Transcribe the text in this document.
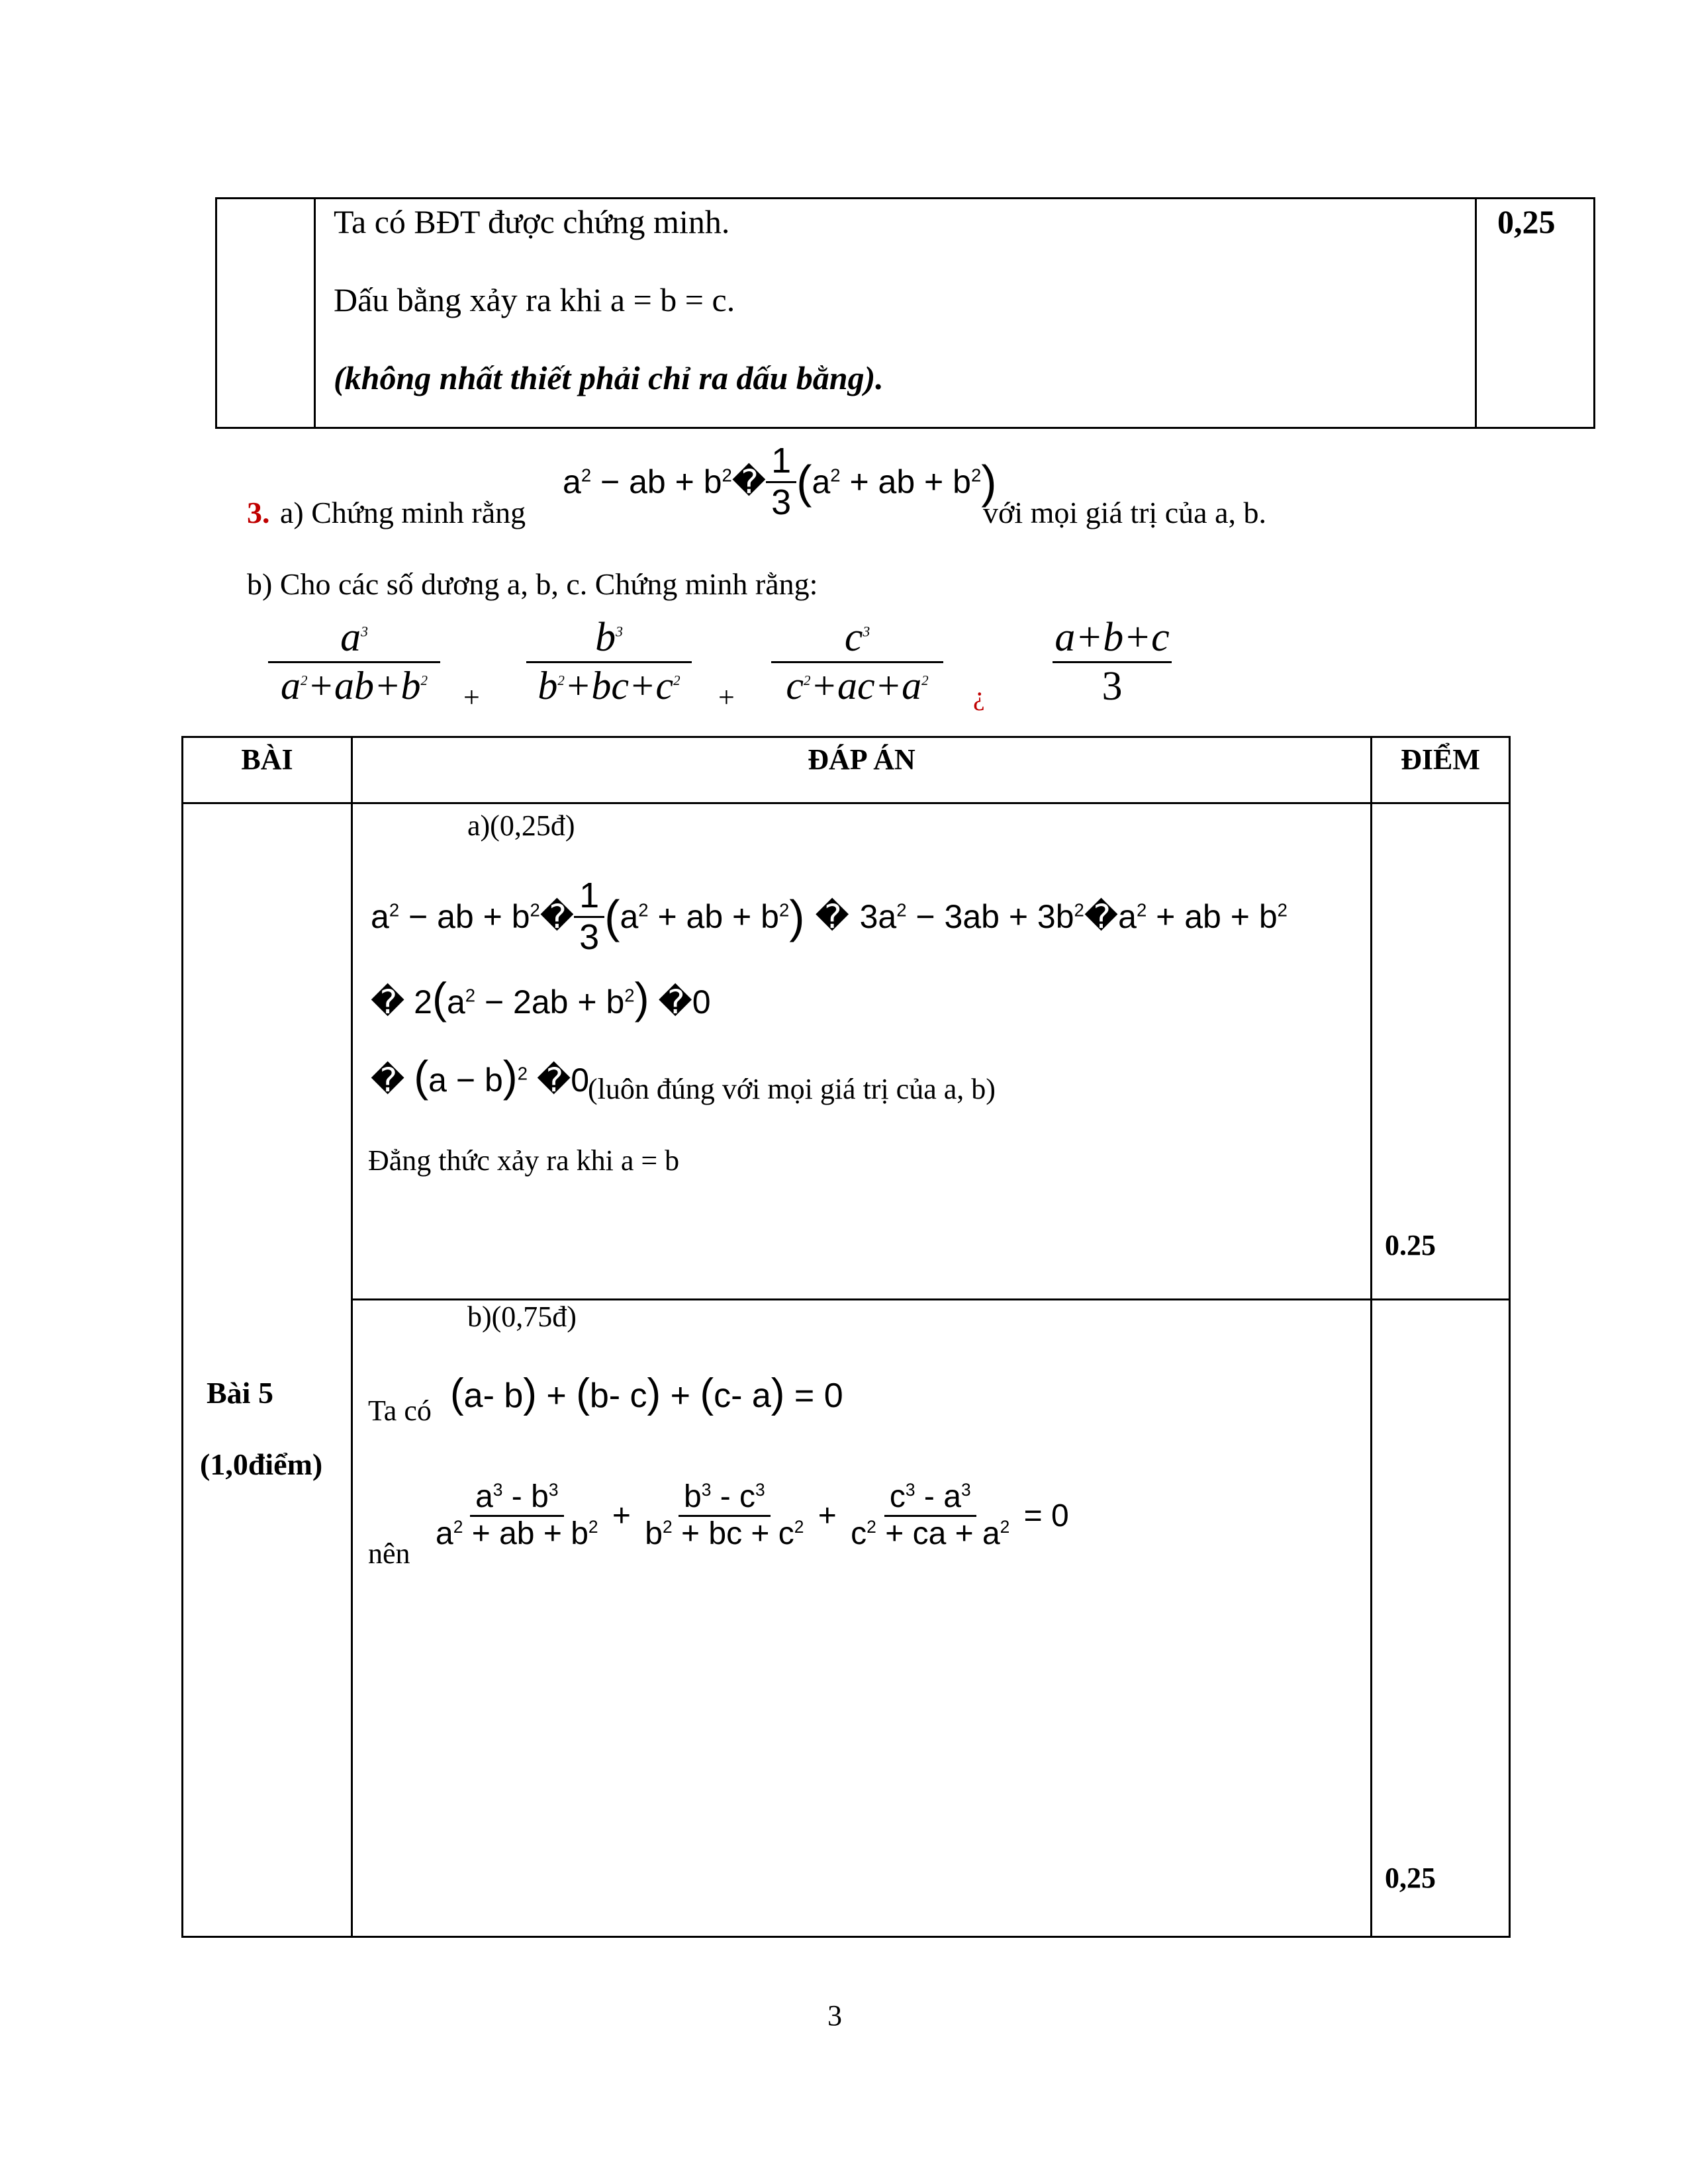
Ta có BĐT được chứng minh.
Dấu bằng xảy ra khi a = b = c.
(không nhất thiết phải chỉ ra dấu bằng).
0,25
3. a) Chứng minh rằng
$a^2$ − ab + $b^2$ � $\frac{1}{3}$ ( $a^2$ + ab + $b^2$ )
với mọi giá trị của a, b.
b) Cho các số dương a, b, c. Chứng minh rằng:
$a^3$
$a^2+ab+b^2$
+
$b^3$
$b^2+bc+c^2$
+
$c^3$
$c^2+ac+a^2$
¿
a+b+c
3
BÀI	ĐÁP ÁN	ĐIỂM
Bài 5
(1,0điểm)
a)(0,25đ)
$a^2$ − ab + $b^2$ � $\frac{1}{3}$ ( $a^2$ + ab + $b^2$ ) � $3a^2 - 3ab + 3b^2$ � $a^2$ + ab + $b^2$
� $2(a^2 - 2ab + b^2)$ �0
� $(a - b)^2$ �0
(luôn đúng với mọi giá trị của a, b)
Đẳng thức xảy ra khi a = b
0.25
b)(0,75đ)
Ta có (a- b) + (b- c) + (c- a) = 0
nên
$\frac{a^3 - b^3}{a^2 + ab + b^2} + \frac{b^3 - c^3}{b^2 + bc + c^2} + \frac{c^3 - a^3}{c^2 + ca + a^2} = 0$
0,25
3
